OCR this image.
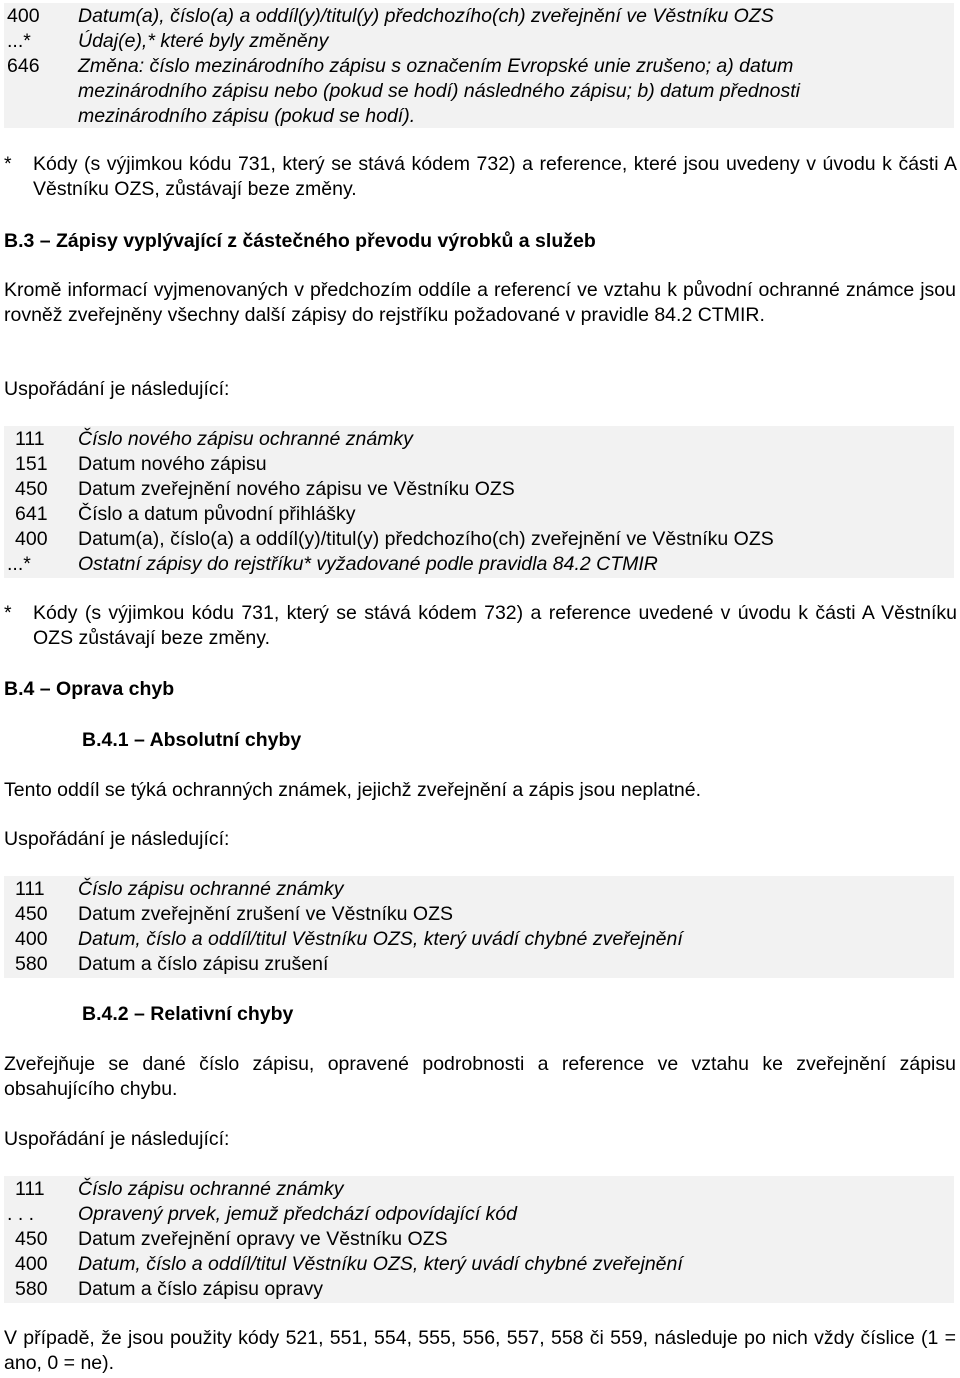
400 Datum(a), číslo(a) a oddíl(y)/titul(y) předchozího(ch) zveřejnění ve Věstníku OZS
...* Údaj(e),* které byly změněny
646 Změna: číslo mezinárodního zápisu s označením Evropské unie zrušeno; a) datum
mezinárodního zápisu nebo (pokud se hodí) následného zápisu; b) datum přednosti
mezinárodního zápisu (pokud se hodí).
* Kódy (s výjimkou kódu 731, který se stává kódem 732) a reference, které jsou uvedeny v úvodu k části A Věstníku OZS, zůstávají beze změny.
B.3 – Zápisy vyplývající z částečného převodu výrobků a služeb
Kromě informací vyjmenovaných v předchozím oddíle a referencí ve vztahu k původní ochranné známce jsou rovněž zveřejněny všechny další zápisy do rejstříku požadované v pravidle 84.2 CTMIR.
Uspořádání je následující:
111 Číslo nového zápisu ochranné známky
151 Datum nového zápisu
450 Datum zveřejnění nového zápisu ve Věstníku OZS
641 Číslo a datum původní přihlášky
400 Datum(a), číslo(a) a oddíl(y)/titul(y) předchozího(ch) zveřejnění ve Věstníku OZS
...* Ostatní zápisy do rejstříku* vyžadované podle pravidla 84.2 CTMIR
* Kódy (s výjimkou kódu 731, který se stává kódem 732) a reference uvedené v úvodu k části A Věstníku OZS zůstávají beze změny.
B.4 – Oprava chyb
B.4.1 – Absolutní chyby
Tento oddíl se týká ochranných známek, jejichž zveřejnění a zápis jsou neplatné.
Uspořádání je následující:
111 Číslo zápisu ochranné známky
450 Datum zveřejnění zrušení ve Věstníku OZS
400 Datum, číslo a oddíl/titul Věstníku OZS, který uvádí chybné zveřejnění
580 Datum a číslo zápisu zrušení
B.4.2 – Relativní chyby
Zveřejňuje se dané číslo zápisu, opravené podrobnosti a reference ve vztahu ke zveřejnění zápisu obsahujícího chybu.
Uspořádání je následující:
111 Číslo zápisu ochranné známky
. . . Opravený prvek, jemuž předchází odpovídající kód
450 Datum zveřejnění opravy ve Věstníku OZS
400 Datum, číslo a oddíl/titul Věstníku OZS, který uvádí chybné zveřejnění
580 Datum a číslo zápisu opravy
V případě, že jsou použity kódy 521, 551, 554, 555, 556, 557, 558 či 559, následuje po nich vždy číslice (1 = ano, 0 = ne).
